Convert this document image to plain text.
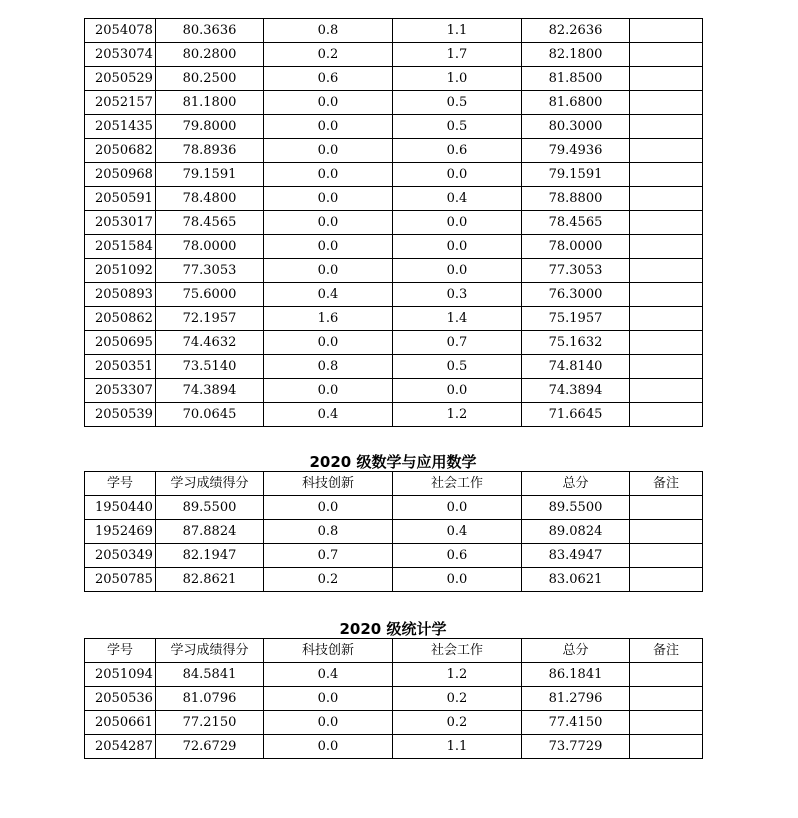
2054078	80.3636	0.8	1.1	82.2636	
2053074	80.2800	0.2	1.7	82.1800	
2050529	80.2500	0.6	1.0	81.8500	
2052157	81.1800	0.0	0.5	81.6800	
2051435	79.8000	0.0	0.5	80.3000	
2050682	78.8936	0.0	0.6	79.4936	
2050968	79.1591	0.0	0.0	79.1591	
2050591	78.4800	0.0	0.4	78.8800	
2053017	78.4565	0.0	0.0	78.4565	
2051584	78.0000	0.0	0.0	78.0000	
2051092	77.3053	0.0	0.0	77.3053	
2050893	75.6000	0.4	0.3	76.3000	
2050862	72.1957	1.6	1.4	75.1957	
2050695	74.4632	0.0	0.7	75.1632	
2050351	73.5140	0.8	0.5	74.8140	
2053307	74.3894	0.0	0.0	74.3894	
2050539	70.0645	0.4	1.2	71.6645	
2020 级数学与应用数学
学号	学习成绩得分	科技创新	社会工作	总分	备注
1950440	89.5500	0.0	0.0	89.5500	
1952469	87.8824	0.8	0.4	89.0824	
2050349	82.1947	0.7	0.6	83.4947	
2050785	82.8621	0.2	0.0	83.0621	
2020 级统计学
学号	学习成绩得分	科技创新	社会工作	总分	备注
2051094	84.5841	0.4	1.2	86.1841	
2050536	81.0796	0.0	0.2	81.2796	
2050661	77.2150	0.0	0.2	77.4150	
2054287	72.6729	0.0	1.1	73.7729	
